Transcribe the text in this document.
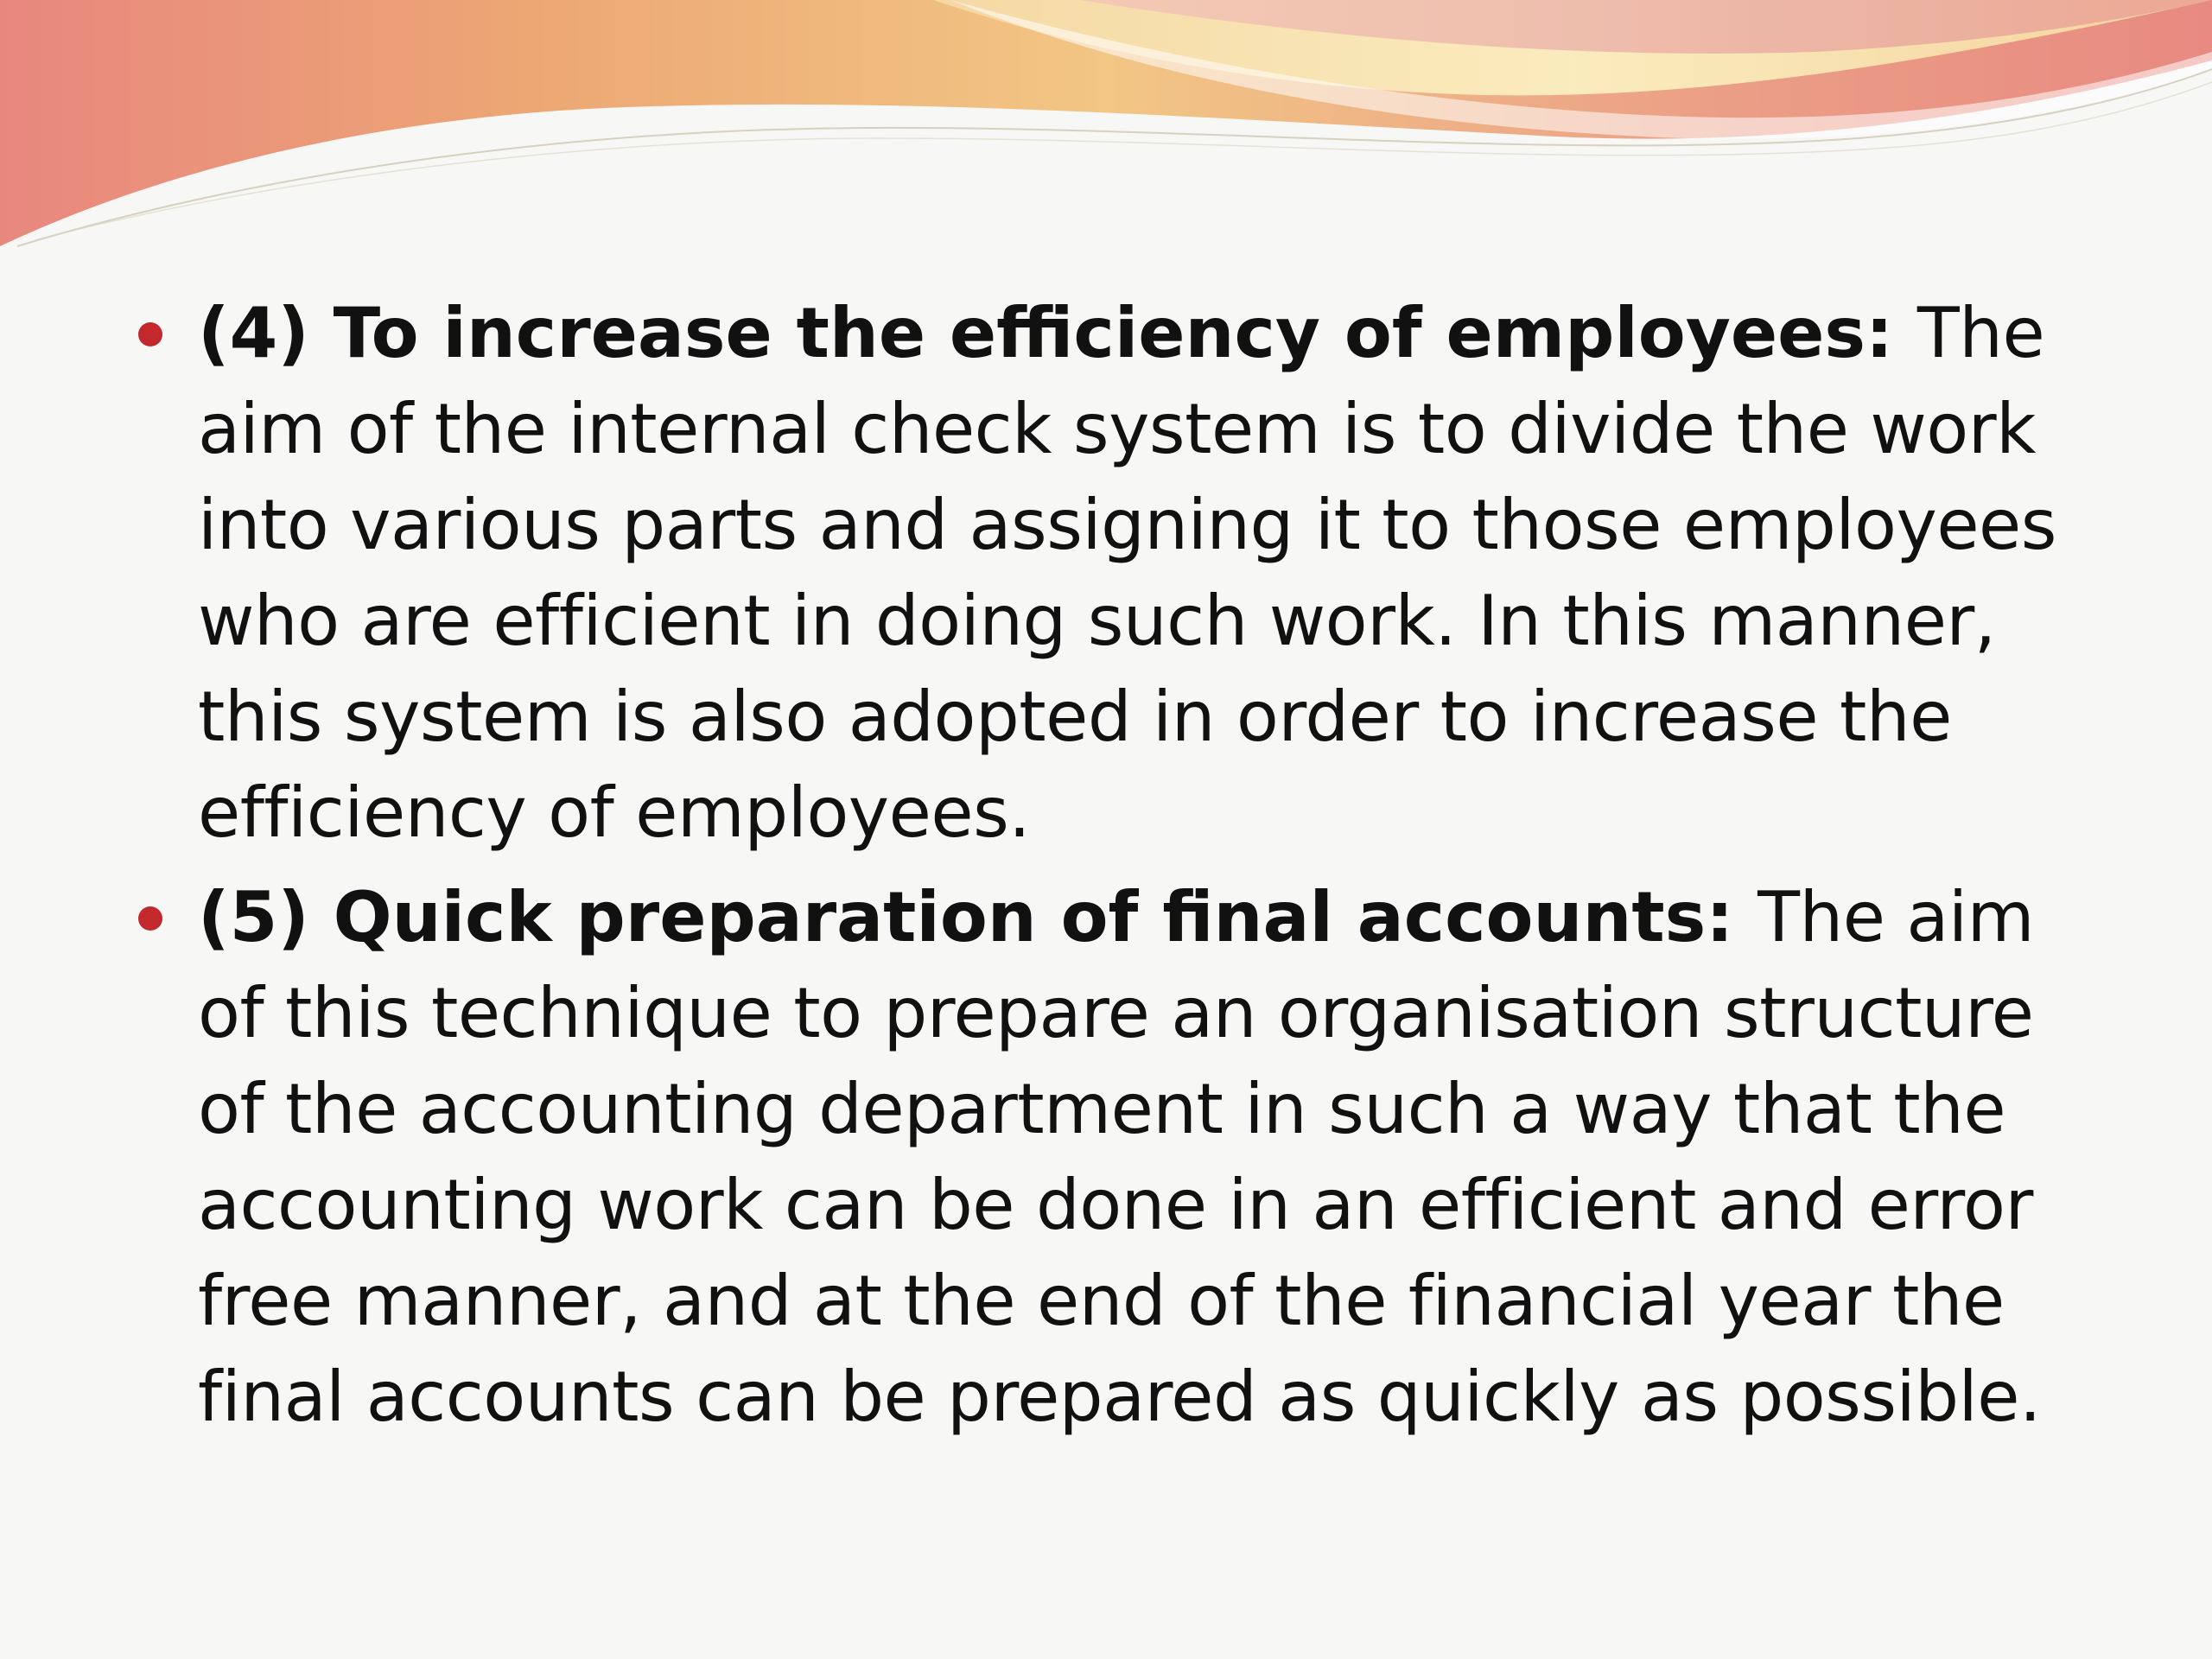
(4) To increase the efficiency of employees: The aim of the internal check system is to divide the work into various parts and assigning it to those employees who are efficient in doing such work. In this manner, this system is also adopted in order to increase the efficiency of employees.
(5) Quick preparation of final accounts: The aim of this technique to prepare an organisation structure of the accounting department in such a way that the accounting work can be done in an efficient and error free manner, and at the end of the financial year the final accounts can be prepared as quickly as possible.
